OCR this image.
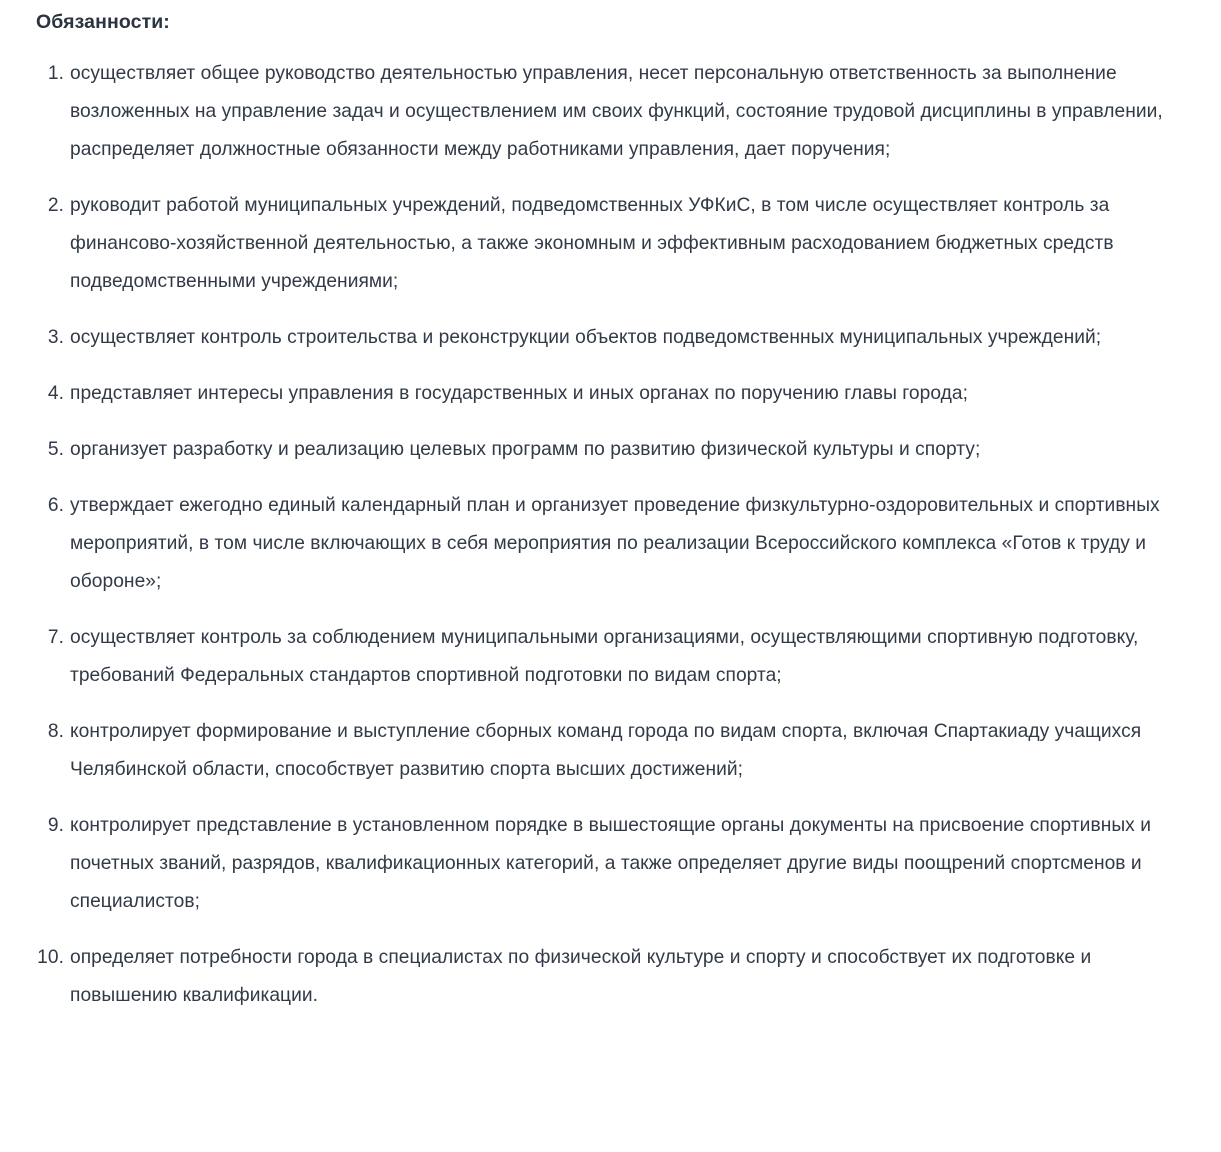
Обязанности:
1. осуществляет общее руководство деятельностью управления, несет персональную ответственность за выполнение возложенных на управление задач и осуществлением им своих функций, состояние трудовой дисциплины в управлении, распределяет должностные обязанности между работниками управления, дает поручения;
2. руководит работой муниципальных учреждений, подведомственных УФКиС, в том числе осуществляет контроль за финансово-хозяйственной деятельностью, а также экономным и эффективным расходованием бюджетных средств подведомственными учреждениями;
3. осуществляет контроль строительства и реконструкции объектов подведомственных муниципальных учреждений;
4. представляет интересы управления в государственных и иных органах по поручению главы города;
5. организует разработку и реализацию целевых программ по развитию физической культуры и спорту;
6. утверждает ежегодно единый календарный план и организует проведение физкультурно-оздоровительных и спортивных мероприятий, в том числе включающих в себя мероприятия по реализации Всероссийского комплекса «Готов к труду и обороне»;
7. осуществляет контроль за соблюдением муниципальными организациями, осуществляющими спортивную подготовку, требований Федеральных стандартов спортивной подготовки по видам спорта;
8. контролирует формирование и выступление сборных команд города по видам спорта, включая Спартакиаду учащихся Челябинской области, способствует развитию спорта высших достижений;
9. контролирует представление в установленном порядке в вышестоящие органы документы на присвоение спортивных и почетных званий, разрядов, квалификационных категорий, а также определяет другие виды поощрений спортсменов и специалистов;
10. определяет потребности города в специалистах по физической культуре и спорту и способствует их подготовке и повышению квалификации.
